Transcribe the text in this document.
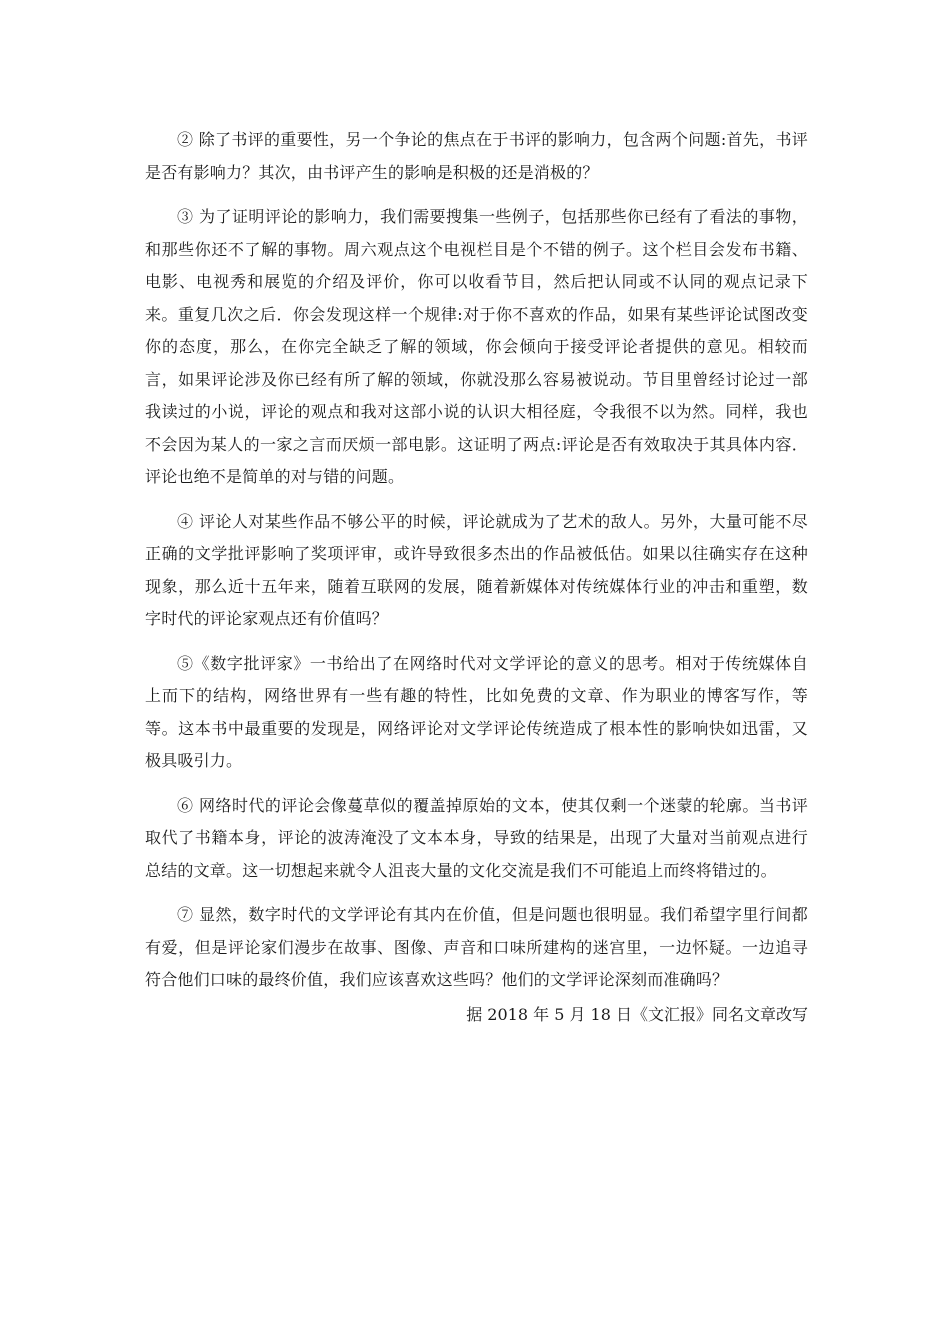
② 除了书评的重要性，另一个争论的焦点在于书评的影响力，包含两个问题:首先，书评是否有影响力？其次，由书评产生的影响是积极的还是消极的？

③ 为了证明评论的影响力，我们需要搜集一些例子，包括那些你已经有了看法的事物，和那些你还不了解的事物。周六观点这个电视栏目是个不错的例子。这个栏目会发布书籍、电影、电视秀和展览的介绍及评价，你可以收看节目，然后把认同或不认同的观点记录下来。重复几次之后．你会发现这样一个规律:对于你不喜欢的作品，如果有某些评论试图改变你的态度，那么，在你完全缺乏了解的领域，你会倾向于接受评论者提供的意见。相较而言，如果评论涉及你已经有所了解的领域，你就没那么容易被说动。节目里曾经讨论过一部我读过的小说，评论的观点和我对这部小说的认识大相径庭，令我很不以为然。同样，我也不会因为某人的一家之言而厌烦一部电影。这证明了两点:评论是否有效取决于其具体内容．评论也绝不是简单的对与错的问题。

④ 评论人对某些作品不够公平的时候，评论就成为了艺术的敌人。另外，大量可能不尽正确的文学批评影响了奖项评审，或许导致很多杰出的作品被低估。如果以往确实存在这种现象，那么近十五年来，随着互联网的发展，随着新媒体对传统媒体行业的冲击和重塑，数字时代的评论家观点还有价值吗？

⑤《数字批评家》一书给出了在网络时代对文学评论的意义的思考。相对于传统媒体自上而下的结构，网络世界有一些有趣的特性，比如免费的文章、作为职业的博客写作，等等。这本书中最重要的发现是，网络评论对文学评论传统造成了根本性的影响快如迅雷，又极具吸引力。

⑥ 网络时代的评论会像蔓草似的覆盖掉原始的文本，使其仅剩一个迷蒙的轮廓。当书评取代了书籍本身，评论的波涛淹没了文本本身，导致的结果是，出现了大量对当前观点进行总结的文章。这一切想起来就令人沮丧大量的文化交流是我们不可能追上而终将错过的。

⑦ 显然，数字时代的文学评论有其内在价值，但是问题也很明显。我们希望字里行间都有爱，但是评论家们漫步在故事、图像、声音和口味所建构的迷宫里，一边怀疑。一边追寻符合他们口味的最终价值，我们应该喜欢这些吗？他们的文学评论深刻而准确吗？

据 2018 年 5 月 18 日《文汇报》同名文章改写
